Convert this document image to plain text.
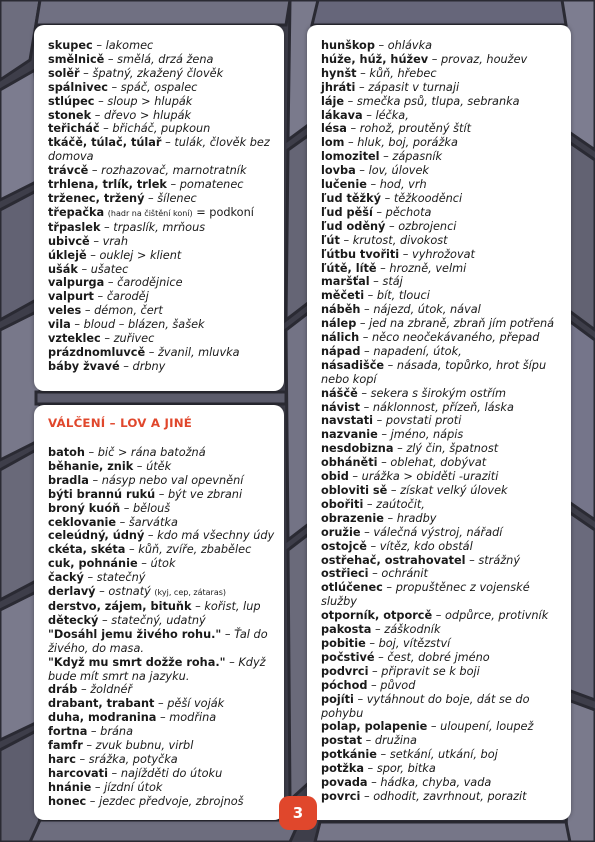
VÁLČENÍ – LOV A JINÉ
skupec – lakomec
smělnicě – smělá, drzá žena
solěř – špatný, zkažený člověk
spálnivec – spáč, ospalec
stlúpec – sloup > hlupák
stonek – dřevo > hlupák
teřicháč – břicháč, pupkoun
tkáčě, túlač, túlař – tulák, člověk bez domova
trávcě – rozhazovač, marnotratník
trhlena, trlík, trlek – pomatenec
trženec, tržený – šílenec
třepačka (hadr na čištění koní) = podkoní
třpaslek – trpaslík, mrňous
ubivcě – vrah
úklejě – ouklej > klient
ušák – ušatec
valpurga – čarodějnice
valpurt – čaroděj
veles – démon, čert
vila – bloud – blázen, šašek
vzteklec – zuřivec
prázdnomluvcě – žvanil, mluvka
báby žvavé – drbny
batoh – bič > rána batožná
běhanie, znik – útěk
bradla – násyp nebo val opevnění
býti brannú rukú – být ve zbrani
broný kuóň – bělouš
ceklovanie – šarvátka
celeúdný, údný – kdo má všechny údy
ckéta, skéta – kůň, zvíře, zbabělec
cuk, pohnánie – útok
čacký – statečný
derlavý – ostnatý (kyj, cep, zátaras)
derstvo, zájem, bituňk – kořist, lup
dětecký – statečný, udatný
"Dosáhl jemu živého rohu." – Ťal do živého, do masa.
"Když mu smrt dožže roha." – Když bude mít smrt na jazyku.
dráb – žoldnéř
drabant, trabant – pěší voják
duha, modranina – modřina
fortna – brána
famfr – zvuk bubnu, virbl
harc – srážka, potyčka
harcovati – najížděti do útoku
hnánie – jízdní útok
honec – jezdec předvoje, zbrojnoš
hunškop – ohlávka
húže, húž, húžev – provaz, houžev
hynšt – kůň, hřebec
jhráti – zápasit v turnaji
láje – smečka psů, tlupa, sebranka
lákava – léčka,
lésa – rohož, proutěný štít
lom – hluk, boj, porážka
lomozitel – zápasník
lovba – lov, úlovek
lučenie – hod, vrh
ľud těžký – těžkooděnci
ľud pěší – pěchota
ľud oděný – ozbrojenci
ľút – krutost, divokost
ľútbu tvořiti – vyhrožovat
ľútě, lítě – hrozně, velmi
maršťal – stáj
měčeti – bít, tlouci
náběh – nájezd, útok, nával
nálep – jed na zbraně, zbraň jím potřená
nálich – něco neočekávaného, přepad
nápad – napadení, útok,
násadišče – násada, topůrko, hrot šípu nebo kopí
náščě – sekera s širokým ostřím
návist – náklonnost, přízeň, láska
navstati – povstati proti
nazvanie – jméno, nápis
nesdobizna – zlý čin, špatnost
obháněti – oblehat, dobývat
obid – urážka > obiděti -uraziti
obloviti sě – získat velký úlovek
obořiti – zaútočit,
obrazenie – hradby
oružie – válečná výstroj, nářadí
ostojcě – vítěz, kdo obstál
ostřehač, ostrahovatel – strážný
ostřieci – ochránit
otlúčenec – propuštěnec z vojenské služby
otporník, otporcě – odpůrce, protivník
pakosta – záškodník
pobitie – boj, vítězství
počstivé – čest, dobré jméno
podvrci – připravit se k boji
póchod – původ
pojíti – vytáhnout do boje, dát se do pohybu
polap, polapenie – uloupení, loupež
postat – družina
potkánie – setkání, utkání, boj
potžka – spor, bitka
povada – hádka, chyba, vada
povrci – odhodit, zavrhnout, porazit
3
